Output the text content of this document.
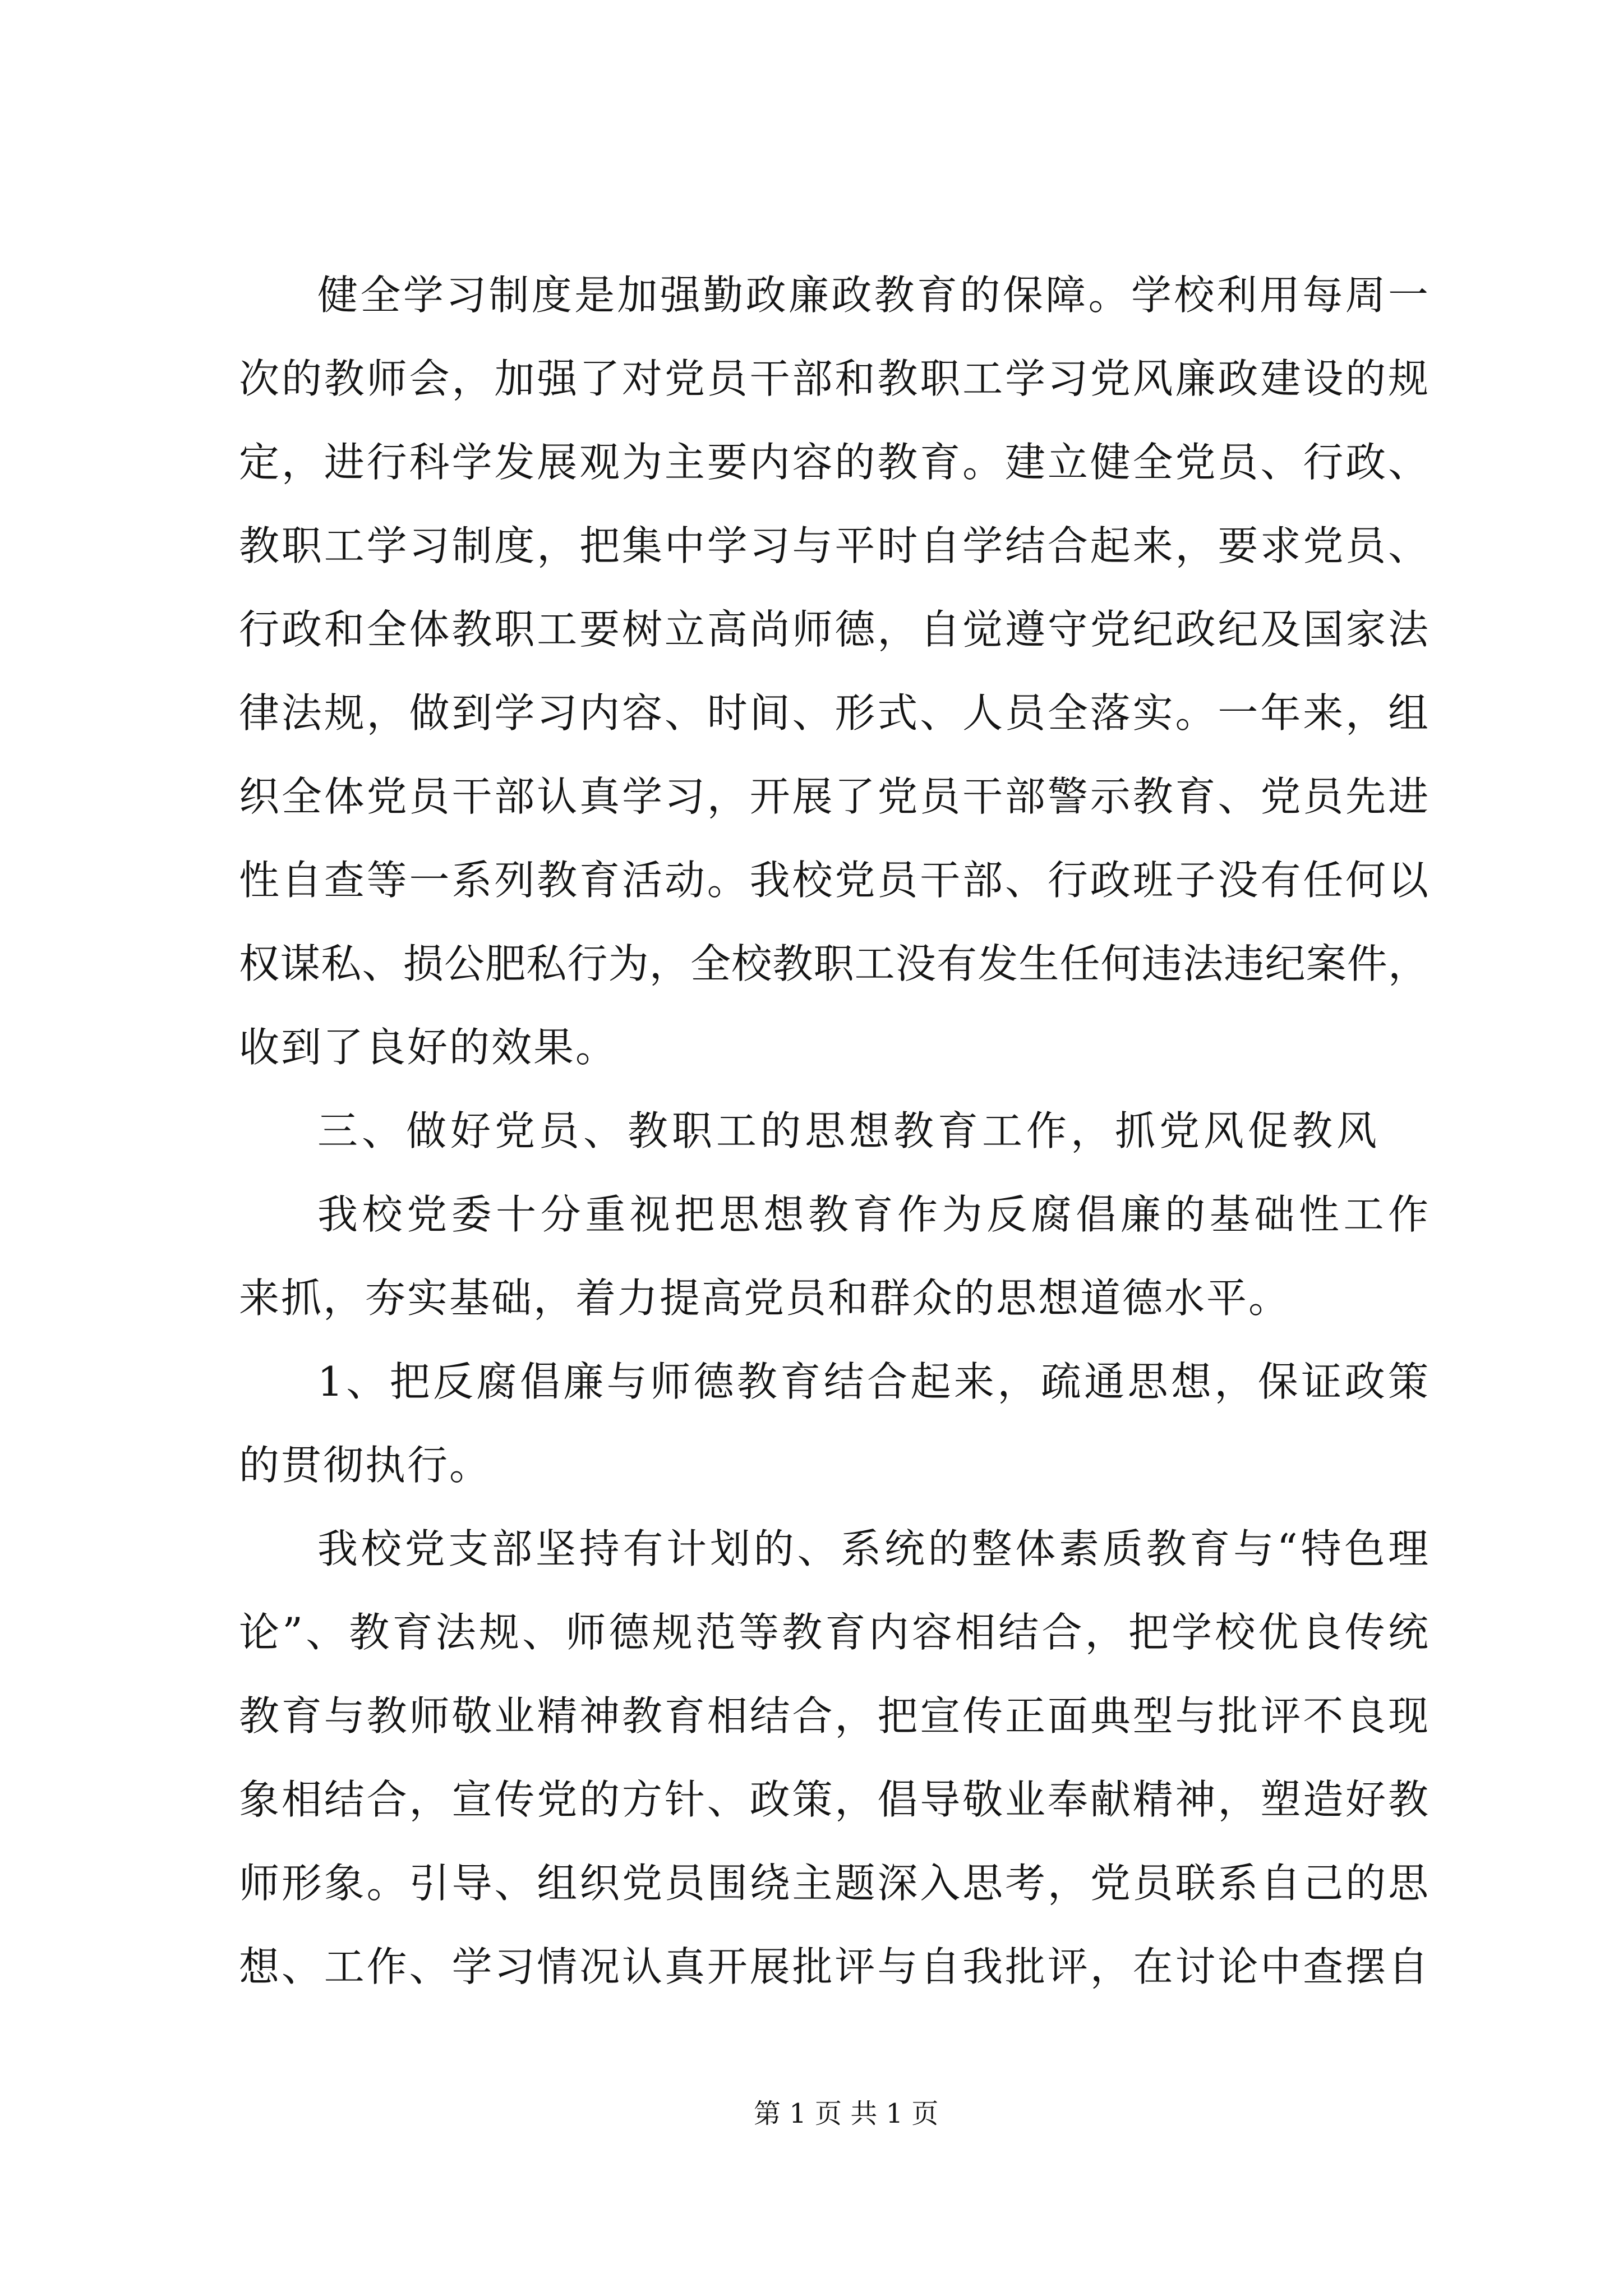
健全学习制度是加强勤政廉政教育的保障。学校利用每周一
次的教师会，加强了对党员干部和教职工学习党风廉政建设的规
定，进行科学发展观为主要内容的教育。建立健全党员、行政、
教职工学习制度，把集中学习与平时自学结合起来，要求党员、
行政和全体教职工要树立高尚师德，自觉遵守党纪政纪及国家法
律法规，做到学习内容、时间、形式、人员全落实。一年来，组
织全体党员干部认真学习，开展了党员干部警示教育、党员先进
性自查等一系列教育活动。我校党员干部、行政班子没有任何以
权谋私、损公肥私行为，全校教职工没有发生任何违法违纪案件，
收到了良好的效果。
三、做好党员、教职工的思想教育工作，抓党风促教风
我校党委十分重视把思想教育作为反腐倡廉的基础性工作
来抓，夯实基础，着力提高党员和群众的思想道德水平。
1、把反腐倡廉与师德教育结合起来，疏通思想，保证政策
的贯彻执行。
我校党支部坚持有计划的、系统的整体素质教育与“特色理
论”、教育法规、师德规范等教育内容相结合，把学校优良传统
教育与教师敬业精神教育相结合，把宣传正面典型与批评不良现
象相结合，宣传党的方针、政策，倡导敬业奉献精神，塑造好教
师形象。引导、组织党员围绕主题深入思考，党员联系自己的思
想、工作、学习情况认真开展批评与自我批评，在讨论中查摆自
第 1 页 共 1 页
